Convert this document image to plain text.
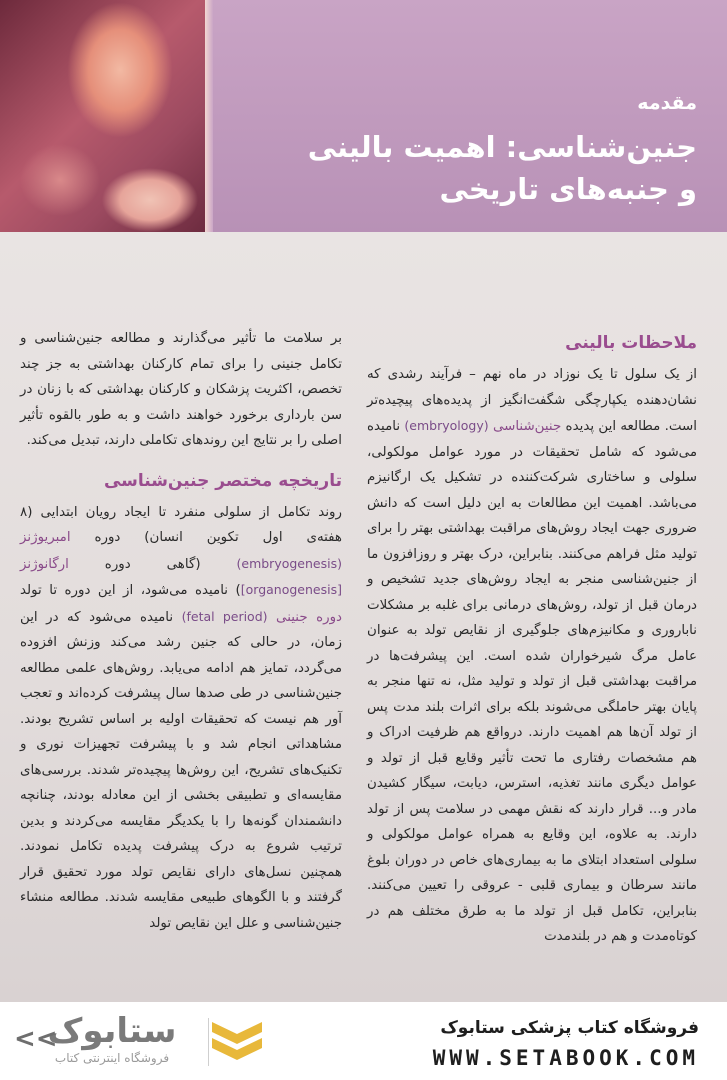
مقدمه
جنین‌شناسی: اهمیت بالینی
و جنبه‌های تاریخی
ملاحظات بالینی

از یک سلول تا یک نوزاد در ماه نهم – فرآیند رشدی که نشان‌دهنده یکپارچگی شگفت‌انگیز از پدیده‌های پیچیده‌تر است. مطالعه این پدیده جنین‌شناسی (embryology) نامیده می‌شود که شامل تحقیقات در مورد عوامل مولکولی، سلولی و ساختاری شرکت‌کننده در تشکیل یک ارگانیزم می‌باشد. اهمیت این مطالعات به این دلیل است که دانش ضروری جهت ایجاد روش‌های مراقبت بهداشتی بهتر را برای تولید مثل فراهم می‌کنند. بنابراین، درک بهتر و روزافزون ما از جنین‌شناسی منجر به ایجاد روش‌های جدید تشخیص و درمان قبل از تولد، روش‌های درمانی برای غلبه بر مشکلات ناباروری و مکانیزم‌های جلوگیری از نقایص تولد به عنوان عامل مرگ شیرخواران شده است. این پیشرفت‌ها در مراقبت بهداشتی قبل از تولد و تولید مثل، نه تنها منجر به پایان بهتر حاملگی می‌شوند بلکه برای اثرات بلند مدت پس از تولد آن‌ها هم اهمیت دارند. درواقع هم ظرفیت ادراک و هم مشخصات رفتاری ما تحت تأثیر وقایع قبل از تولد و عوامل دیگری مانند تغذیه، استرس، دیابت، سیگار کشیدن مادر و... قرار دارند که نقش مهمی در سلامت پس از تولد دارند. به علاوه، این وقایع به همراه عوامل مولکولی و سلولی استعداد ابتلای ما به بیماری‌های خاص در دوران بلوغ مانند سرطان و بیماری قلبی - عروقی را تعیین می‌کنند. بنابراین، تکامل قبل از تولد ما به طرق مختلف هم در کوتاه‌مدت و هم در بلندمدت

بر سلامت ما تأثیر می‌گذارند و مطالعه جنین‌شناسی و تکامل جنینی را برای تمام کارکنان بهداشتی به جز چند تخصص، اکثریت پزشکان و کارکنان بهداشتی که با زنان در سن بارداری برخورد خواهند داشت و به طور بالقوه تأثیر اصلی را بر نتایج این روندهای تکاملی دارند، تبدیل می‌کند.

تاریخچه مختصر جنین‌شناسی

روند تکامل از سلولی منفرد تا ایجاد رویان ابتدایی (۸ هفته‌ی اول تکوین انسان) دوره امبریوژنز (embryogenesis) (گاهی دوره ارگانوژنز [organogenesis]) نامیده می‌شود، از این دوره تا تولد دوره جنینی (fetal period) نامیده می‌شود که در این زمان، در حالی که جنین رشد می‌کند وزنش افزوده می‌گردد، تمایز هم ادامه می‌یابد. روش‌های علمی مطالعه جنین‌شناسی در طی صدها سال پیشرفت کرده‌اند و تعجب آور هم نیست که تحقیقات اولیه بر اساس تشریح بودند. مشاهداتی انجام شد و با پیشرفت تجهیزات نوری و تکنیک‌های تشریح، این روش‌ها پیچیده‌تر شدند. بررسی‌های مقایسه‌ای و تطبیقی بخشی از این معادله بودند، چنانچه دانشمندان گونه‌ها را با یکدیگر مقایسه می‌کردند و بدین ترتیب شروع به درک پیشرفت پدیده تکامل نمودند. همچنین نسل‌های دارای نقایص تولد مورد تحقیق قرار گرفتند و با الگوهای طبیعی مقایسه شدند. مطالعه منشاء جنین‌شناسی و علل این نقایص تولد

فروشگاه کتاب پزشکی ستابوک
WWW.SETABOOK.COM
ستابوک
فروشگاه اینترنتی کتاب
<<
